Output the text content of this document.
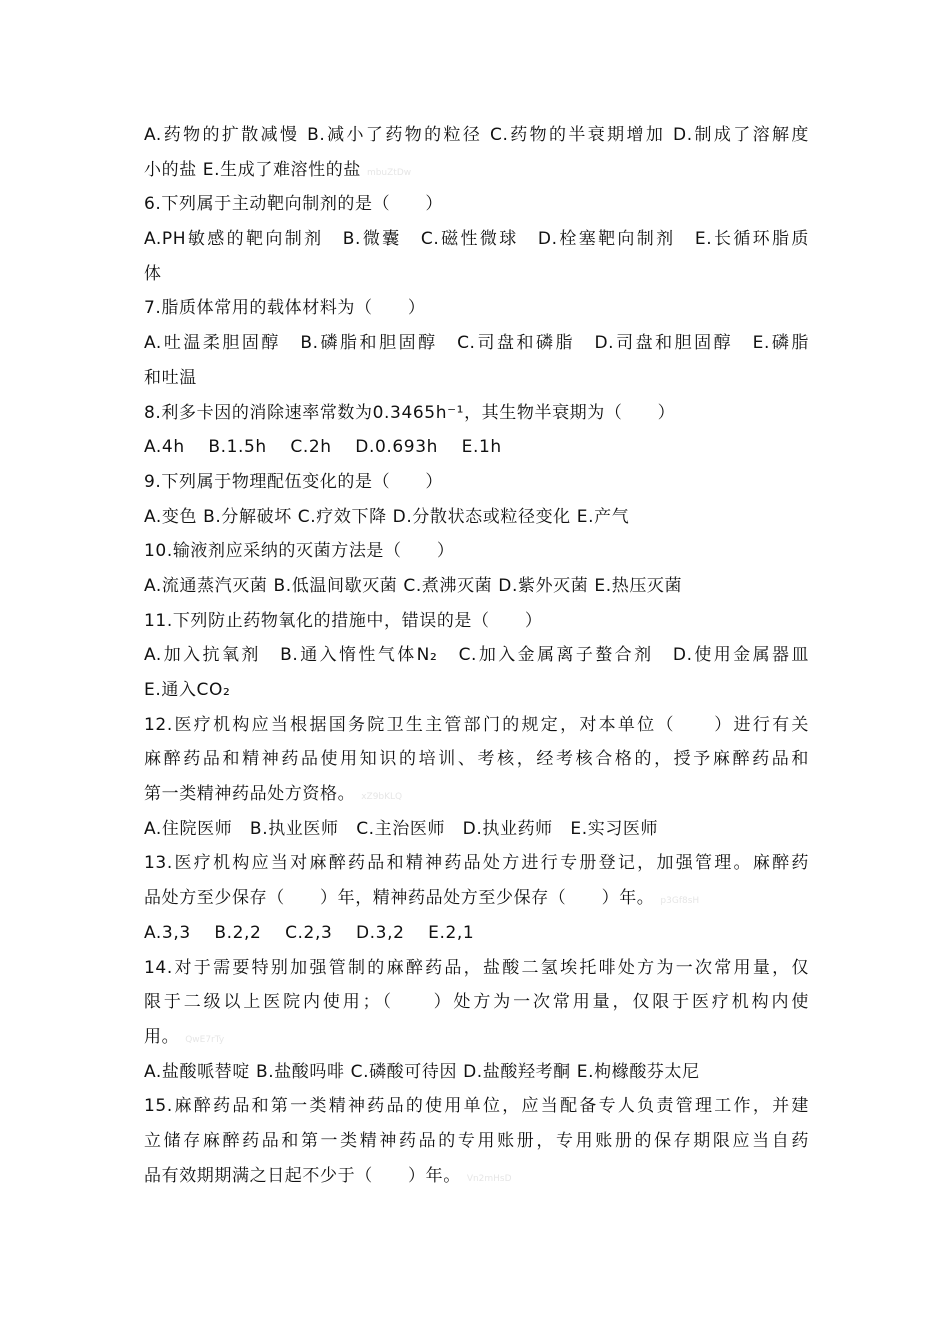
A.药物的扩散减慢 B.减小了药物的粒径 C.药物的半衰期增加 D.制成了溶解度
小的盐 E.生成了难溶性的盐 mbuZtDw
6.下列属于主动靶向制剂的是（　　）
A.PH敏感的靶向制剂　B.微囊　C.磁性微球　D.栓塞靶向制剂　E.长循环脂质
体
7.脂质体常用的载体材料为（　　）
A.吐温柔胆固醇　B.磷脂和胆固醇　C.司盘和磷脂　D.司盘和胆固醇　E.磷脂
和吐温
8.利多卡因的消除速率常数为0.3465h⁻¹，其生物半衰期为（　　）
A.4h　 B.1.5h　 C.2h　 D.0.693h　 E.1h
9.下列属于物理配伍变化的是（　　）
A.变色 B.分解破坏 C.疗效下降 D.分散状态或粒径变化 E.产气
10.输液剂应采纳的灭菌方法是（　　）
A.流通蒸汽灭菌 B.低温间歇灭菌 C.煮沸灭菌 D.紫外灭菌 E.热压灭菌
11.下列防止药物氧化的措施中，错误的是（　　）
A.加入抗氧剂　B.通入惰性气体N₂　C.加入金属离子螯合剂　D.使用金属器皿
E.通入CO₂
12.医疗机构应当根据国务院卫生主管部门的规定，对本单位（　　）进行有关
麻醉药品和精神药品使用知识的培训、考核，经考核合格的，授予麻醉药品和
第一类精神药品处方资格。 xZ9bKLQ
A.住院医师　B.执业医师　C.主治医师　D.执业药师　E.实习医师
13.医疗机构应当对麻醉药品和精神药品处方进行专册登记，加强管理。麻醉药
品处方至少保存（　　）年，精神药品处方至少保存（　　）年。 p3Gf8sH
A.3,3　 B.2,2　 C.2,3　 D.3,2　 E.2,1
14.对于需要特别加强管制的麻醉药品，盐酸二氢埃托啡处方为一次常用量，仅
限于二级以上医院内使用；（　　）处方为一次常用量，仅限于医疗机构内使
用。 QwE7rTy
A.盐酸哌替啶 B.盐酸吗啡 C.磷酸可待因 D.盐酸羟考酮 E.枸橼酸芬太尼
15.麻醉药品和第一类精神药品的使用单位，应当配备专人负责管理工作，并建
立储存麻醉药品和第一类精神药品的专用账册，专用账册的保存期限应当自药
品有效期期满之日起不少于（　　）年。 Vn2mHsD
